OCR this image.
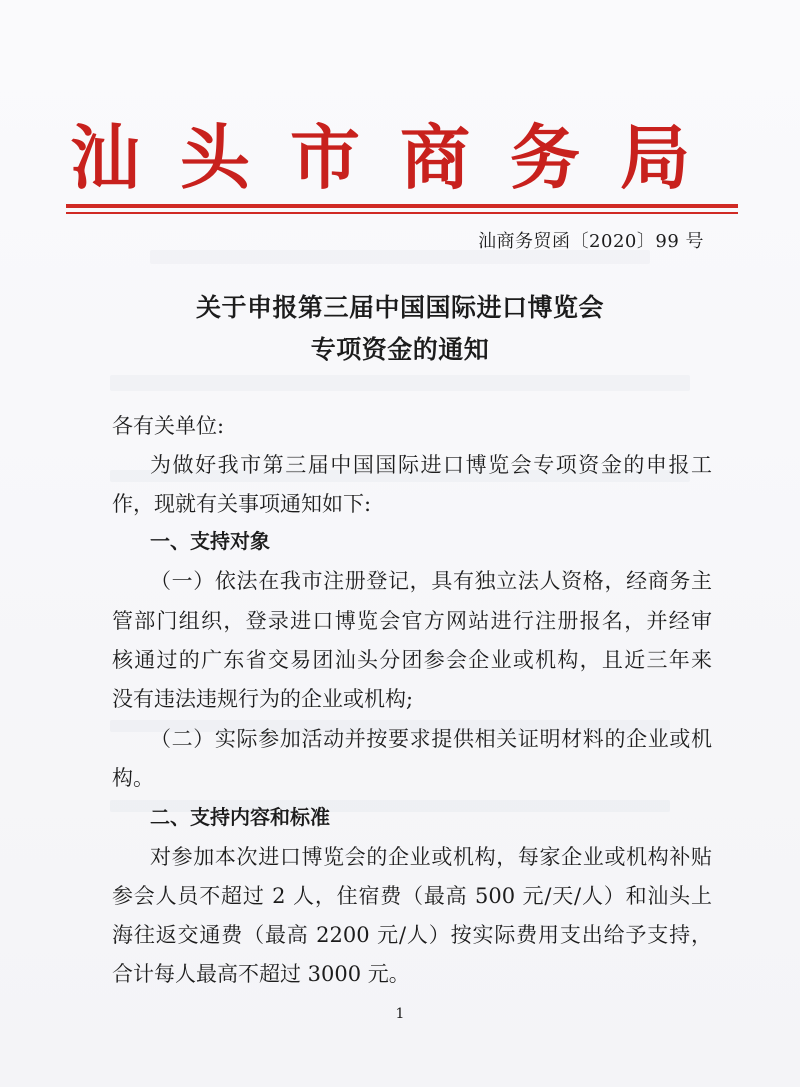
汕头市商务局
汕商务贸函〔2020〕99 号
关于申报第三届中国国际进口博览会
专项资金的通知
各有关单位:
为做好我市第三届中国国际进口博览会专项资金的申报工
作，现就有关事项通知如下:
一、支持对象
（一）依法在我市注册登记，具有独立法人资格，经商务主
管部门组织，登录进口博览会官方网站进行注册报名，并经审
核通过的广东省交易团汕头分团参会企业或机构，且近三年来
没有违法违规行为的企业或机构;
（二）实际参加活动并按要求提供相关证明材料的企业或机
构。
二、支持内容和标准
对参加本次进口博览会的企业或机构，每家企业或机构补贴
参会人员不超过 2 人，住宿费（最高 500 元/天/人）和汕头上
海往返交通费（最高 2200 元/人）按实际费用支出给予支持，
合计每人最高不超过 3000 元。
1
